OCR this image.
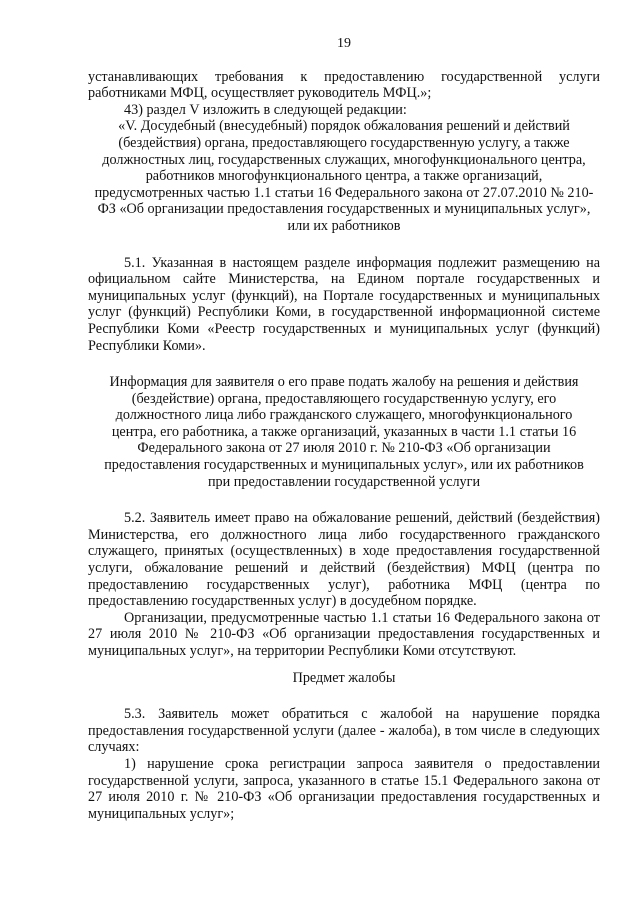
19

устанавливающих требования к предоставлению государственной услуги работниками МФЦ, осуществляет руководитель МФЦ.»;

43) раздел V изложить в следующей редакции:

«V. Досудебный (внесудебный) порядок обжалования решений и действий (бездействия) органа, предоставляющего государственную услугу, а также должностных лиц, государственных служащих, многофункционального центра, работников многофункционального центра, а также организаций, предусмотренных частью 1.1 статьи 16 Федерального закона от 27.07.2010 № 210-ФЗ «Об организации предоставления государственных и муниципальных услуг», или их работников

5.1. Указанная в настоящем разделе информация подлежит размещению на официальном сайте Министерства, на Едином портале государственных и муниципальных услуг (функций), на Портале государственных и муниципальных услуг (функций) Республики Коми, в государственной информационной системе Республики Коми «Реестр государственных и муниципальных услуг (функций) Республики Коми».

Информация для заявителя о его праве подать жалобу на решения и действия (бездействие) органа, предоставляющего государственную услугу, его должностного лица либо гражданского служащего, многофункционального центра, его работника, а также организаций, указанных в части 1.1 статьи 16 Федерального закона от 27 июля 2010 г. № 210-ФЗ «Об организации предоставления государственных и муниципальных услуг», или их работников при предоставлении государственной услуги

5.2. Заявитель имеет право на обжалование решений, действий (бездействия) Министерства, его должностного лица либо государственного гражданского служащего, принятых (осуществленных) в ходе предоставления государственной услуги, обжалование решений и действий (бездействия) МФЦ (центра по предоставлению государственных услуг), работника МФЦ (центра по предоставлению государственных услуг) в досудебном порядке.

Организации, предусмотренные частью 1.1 статьи 16 Федерального закона от 27 июля 2010 № 210-ФЗ «Об организации предоставления государственных и муниципальных услуг», на территории Республики Коми отсутствуют.

Предмет жалобы

5.3. Заявитель может обратиться с жалобой на нарушение порядка предоставления государственной услуги (далее - жалоба), в том числе в следующих случаях:

1) нарушение срока регистрации запроса заявителя о предоставлении государственной услуги, запроса, указанного в статье 15.1 Федерального закона от 27 июля 2010 г. № 210-ФЗ «Об организации предоставления государственных и муниципальных услуг»;
